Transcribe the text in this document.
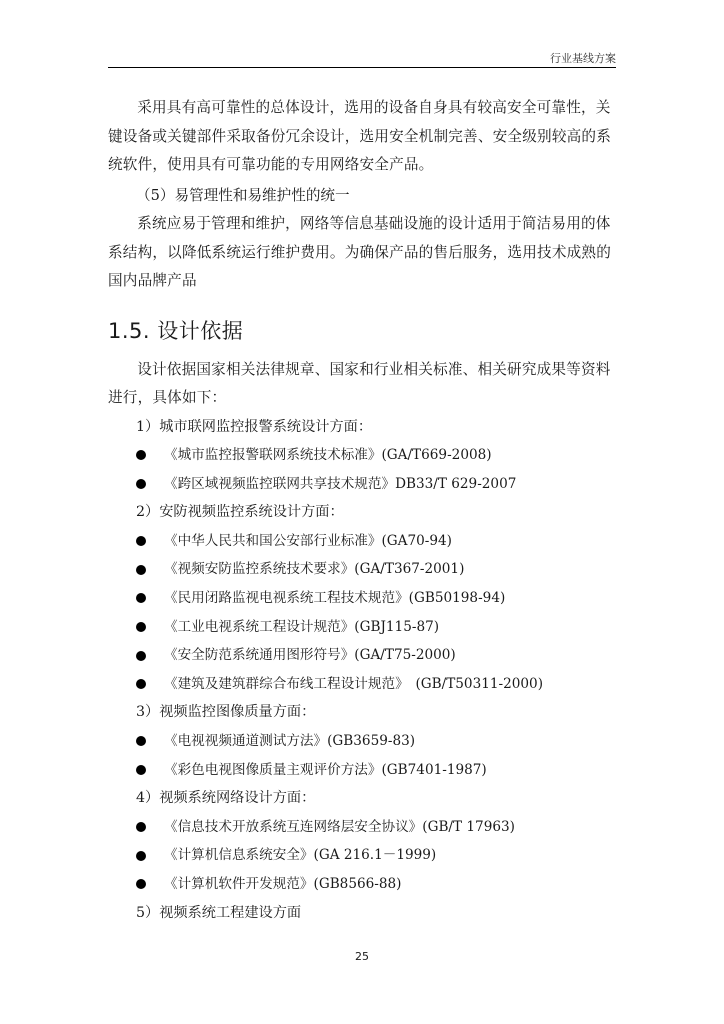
行业基线方案

采用具有高可靠性的总体设计，选用的设备自身具有较高安全可靠性，关键设备或关键部件采取备份冗余设计，选用安全机制完善、安全级别较高的系统软件，使用具有可靠功能的专用网络安全产品。

（5）易管理性和易维护性的统一

系统应易于管理和维护，网络等信息基础设施的设计适用于简洁易用的体系结构，以降低系统运行维护费用。为确保产品的售后服务，选用技术成熟的国内品牌产品

1.5. 设计依据

设计依据国家相关法律规章、国家和行业相关标准、相关研究成果等资料进行，具体如下：

1）城市联网监控报警系统设计方面：
《城市监控报警联网系统技术标准》(GA/T669-2008)
《跨区域视频监控联网共享技术规范》DB33/T 629-2007
2）安防视频监控系统设计方面：
《中华人民共和国公安部行业标准》(GA70-94)
《视频安防监控系统技术要求》(GA/T367-2001)
《民用闭路监视电视系统工程技术规范》(GB50198-94)
《工业电视系统工程设计规范》(GBJ115-87)
《安全防范系统通用图形符号》(GA/T75-2000)
《建筑及建筑群综合布线工程设计规范》　(GB/T50311-2000)
3）视频监控图像质量方面：
《电视视频通道测试方法》(GB3659-83)
《彩色电视图像质量主观评价方法》(GB7401-1987)
4）视频系统网络设计方面：
《信息技术开放系统互连网络层安全协议》(GB/T 17963)
《计算机信息系统安全》(GA 216.1－1999)
《计算机软件开发规范》(GB8566-88)
5）视频系统工程建设方面
25
